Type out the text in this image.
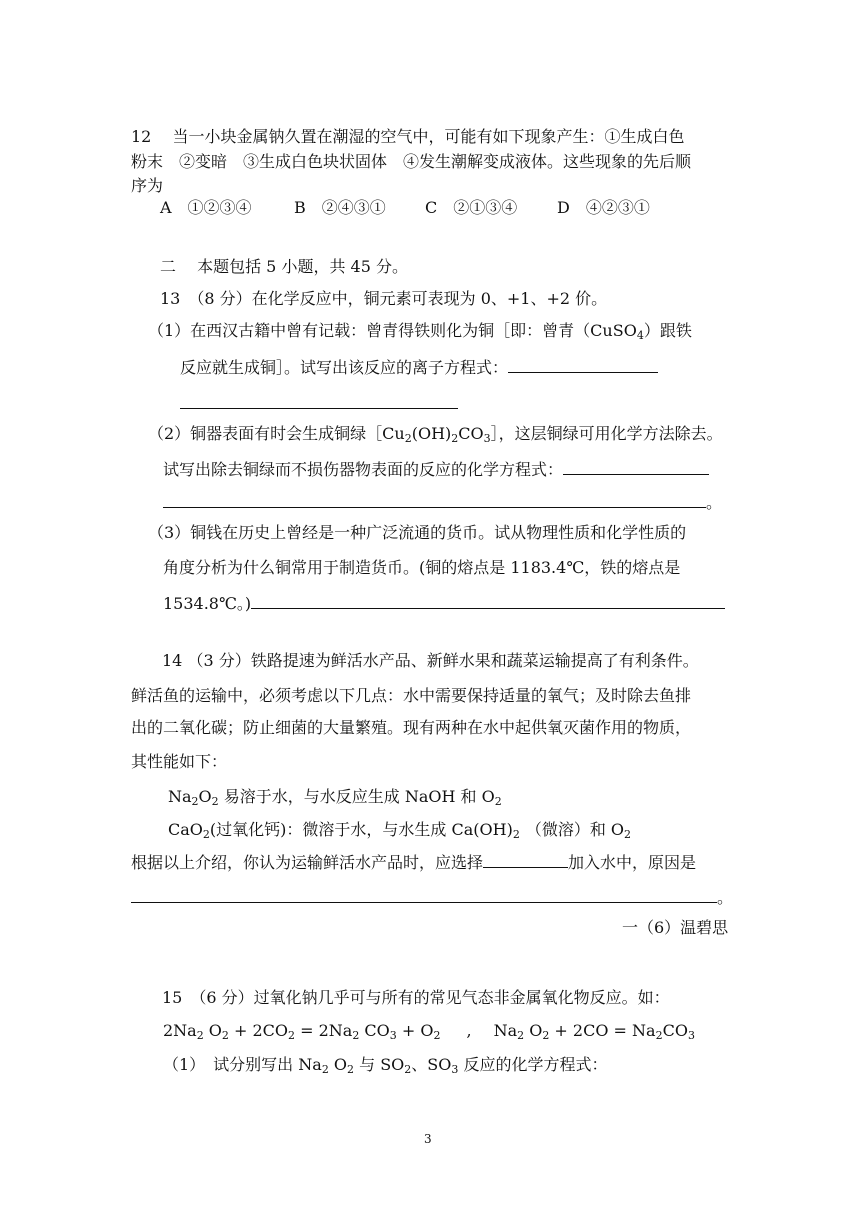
12　 当一小块金属钠久置在潮湿的空气中，可能有如下现象产生：①生成白色
粉末　②变暗　③生成白色块状固体　④发生潮解变成液体。这些现象的先后顺
序为
A　①②③④	B　②④③① C　②①③④ D　④②③①
二　 本题包括 5 小题，共 45 分。
13　（8 分）在化学反应中，铜元素可表现为 0、+1、+2 价。
（1）在西汉古籍中曾有记载：曾青得铁则化为铜［即：曾青（CuSO$_4$）跟铁
反应就生成铜］。试写出该反应的离子方程式：
（2）铜器表面有时会生成铜绿$[Cu_2(OH)_2CO_3]$，这层铜绿可用化学方法除去。
试写出除去铜绿而不损伤器物表面的反应的化学方程式：
。
（3）铜钱在历史上曾经是一种广泛流通的货币。试从物理性质和化学性质的
角度分析为什么铜常用于制造货币。(铜的熔点是 1183.4℃，铁的熔点是
1534.8℃。)
14 （3 分）铁路提速为鲜活水产品、新鲜水果和蔬菜运输提高了有利条件。
鲜活鱼的运输中，必须考虑以下几点：水中需要保持适量的氧气；及时除去鱼排
出的二氧化碳；防止细菌的大量繁殖。现有两种在水中起供氧灭菌作用的物质，
其性能如下：
$Na_2O_2$ 易溶于水，与水反应生成 NaOH 和 $O_2$
CaO$_2$(过氧化钙)：微溶于水，与水生成 $Ca(OH)_2$ （微溶）和 $O_2$
根据以上介绍，你认为运输鲜活水产品时，应选择	加入水中，原因是
。
一（6）温碧思
15　（6 分）过氧化钠几乎可与所有的常见气态非金属氧化物反应。如：
$2Na_2$ $O_2 + 2CO_2 = 2Na_2$ $CO_3 + O_2$ , $Na_2$ $O_2 + 2CO = Na_2CO_3$
（1）　试分别写出 $Na_2$ $O_2$ 与 $SO_2$、$SO_3$ 反应的化学方程式：
3
